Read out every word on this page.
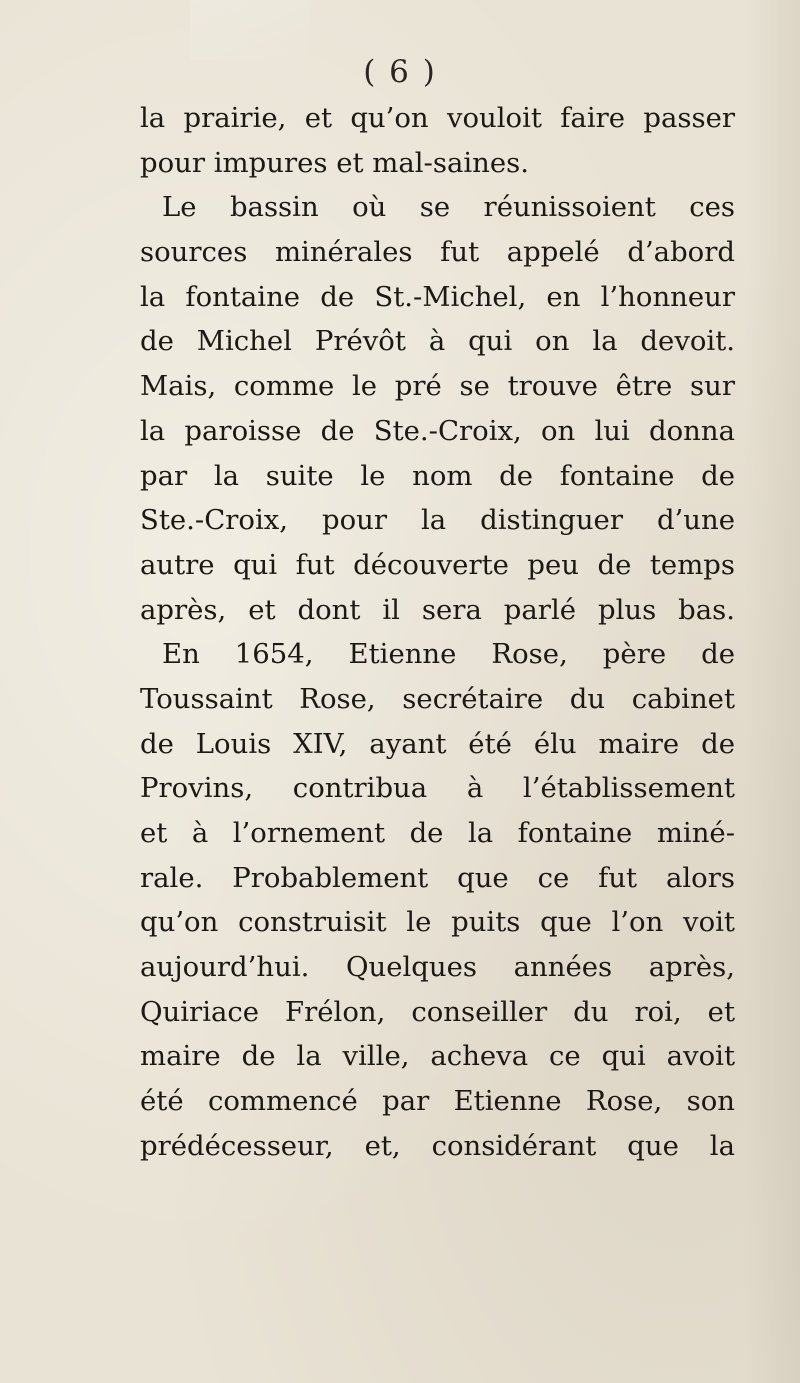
( 6 )
la prairie, et qu’on vouloit faire passer
pour impures et mal-saines.
Le bassin où se réunissoient ces
sources minérales fut appelé d’abord
la fontaine de St.-Michel, en l’honneur
de Michel Prévôt à qui on la devoit.
Mais, comme le pré se trouve être sur
la paroisse de Ste.-Croix, on lui donna
par la suite le nom de fontaine de
Ste.-Croix, pour la distinguer d’une
autre qui fut découverte peu de temps
après, et dont il sera parlé plus bas.
En 1654, Etienne Rose, père de
Toussaint Rose, secrétaire du cabinet
de Louis XIV, ayant été élu maire de
Provins, contribua à l’établissement
et à l’ornement de la fontaine miné-
rale. Probablement que ce fut alors
qu’on construisit le puits que l’on voit
aujourd’hui. Quelques années après,
Quiriace Frélon, conseiller du roi, et
maire de la ville, acheva ce qui avoit
été commencé par Etienne Rose, son
prédécesseur, et, considérant que la
